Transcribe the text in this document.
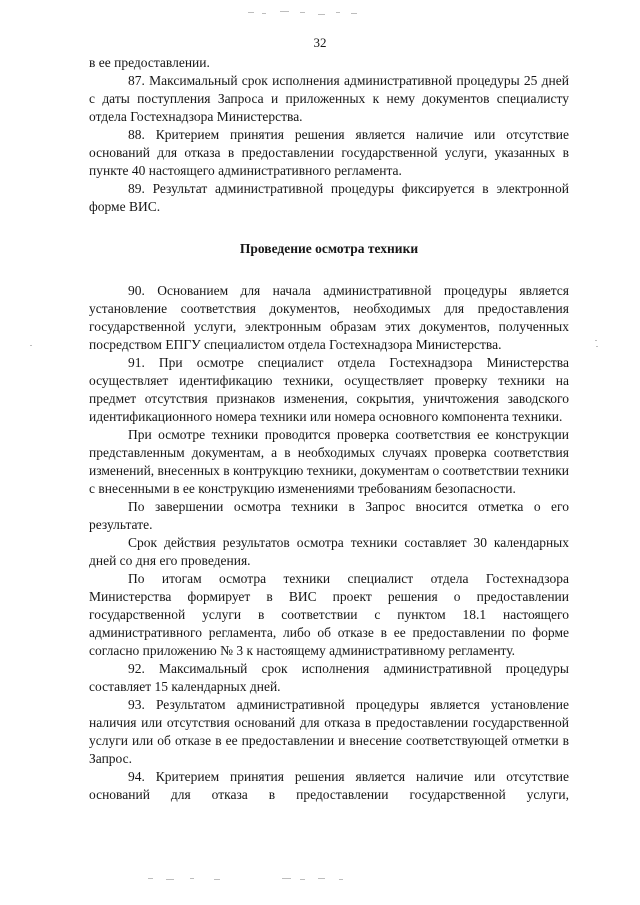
32
в ее предоставлении.
87. Максимальный срок исполнения административной процедуры 25 дней с даты поступления Запроса и приложенных к нему документов специалисту отдела Гостехнадзора Министерства.
88. Критерием принятия решения является наличие или отсутствие оснований для отказа в предоставлении государственной услуги, указанных в пункте 40 настоящего административного регламента.
89. Результат административной процедуры фиксируется в электронной форме ВИС.
Проведение осмотра техники
90. Основанием для начала административной процедуры является установление соответствия документов, необходимых для предоставления государственной услуги, электронным образам этих документов, полученных посредством ЕПГУ специалистом отдела Гостехнадзора Министерства.
91. При осмотре специалист отдела Гостехнадзора Министерства осуществляет идентификацию техники, осуществляет проверку техники на предмет отсутствия признаков изменения, сокрытия, уничтожения заводского идентификационного номера техники или номера основного компонента техники.
При осмотре техники проводится проверка соответствия ее конструкции представленным документам, а в необходимых случаях проверка соответствия изменений, внесенных в контрукцию техники, документам о соответствии техники с внесенными в ее конструкцию изменениями требованиям безопасности.
По завершении осмотра техники в Запрос вносится отметка о его результате.
Срок действия результатов осмотра техники составляет 30 календарных дней со дня его проведения.
По итогам осмотра техники специалист отдела Гостехнадзора Министерства формирует в ВИС проект решения о предоставлении государственной услуги в соответствии с пунктом 18.1 настоящего административного регламента, либо об отказе в ее предоставлении по форме согласно приложению № 3 к настоящему административному регламенту.
92. Максимальный срок исполнения административной процедуры составляет 15 календарных дней.
93. Результатом административной процедуры является установление наличия или отсутствия оснований для отказа в предоставлении государственной услуги или об отказе в ее предоставлении и внесение соответствующей отметки в Запрос.
94. Критерием принятия решения является наличие или отсутствие оснований для отказа в предоставлении государственной услуги,
